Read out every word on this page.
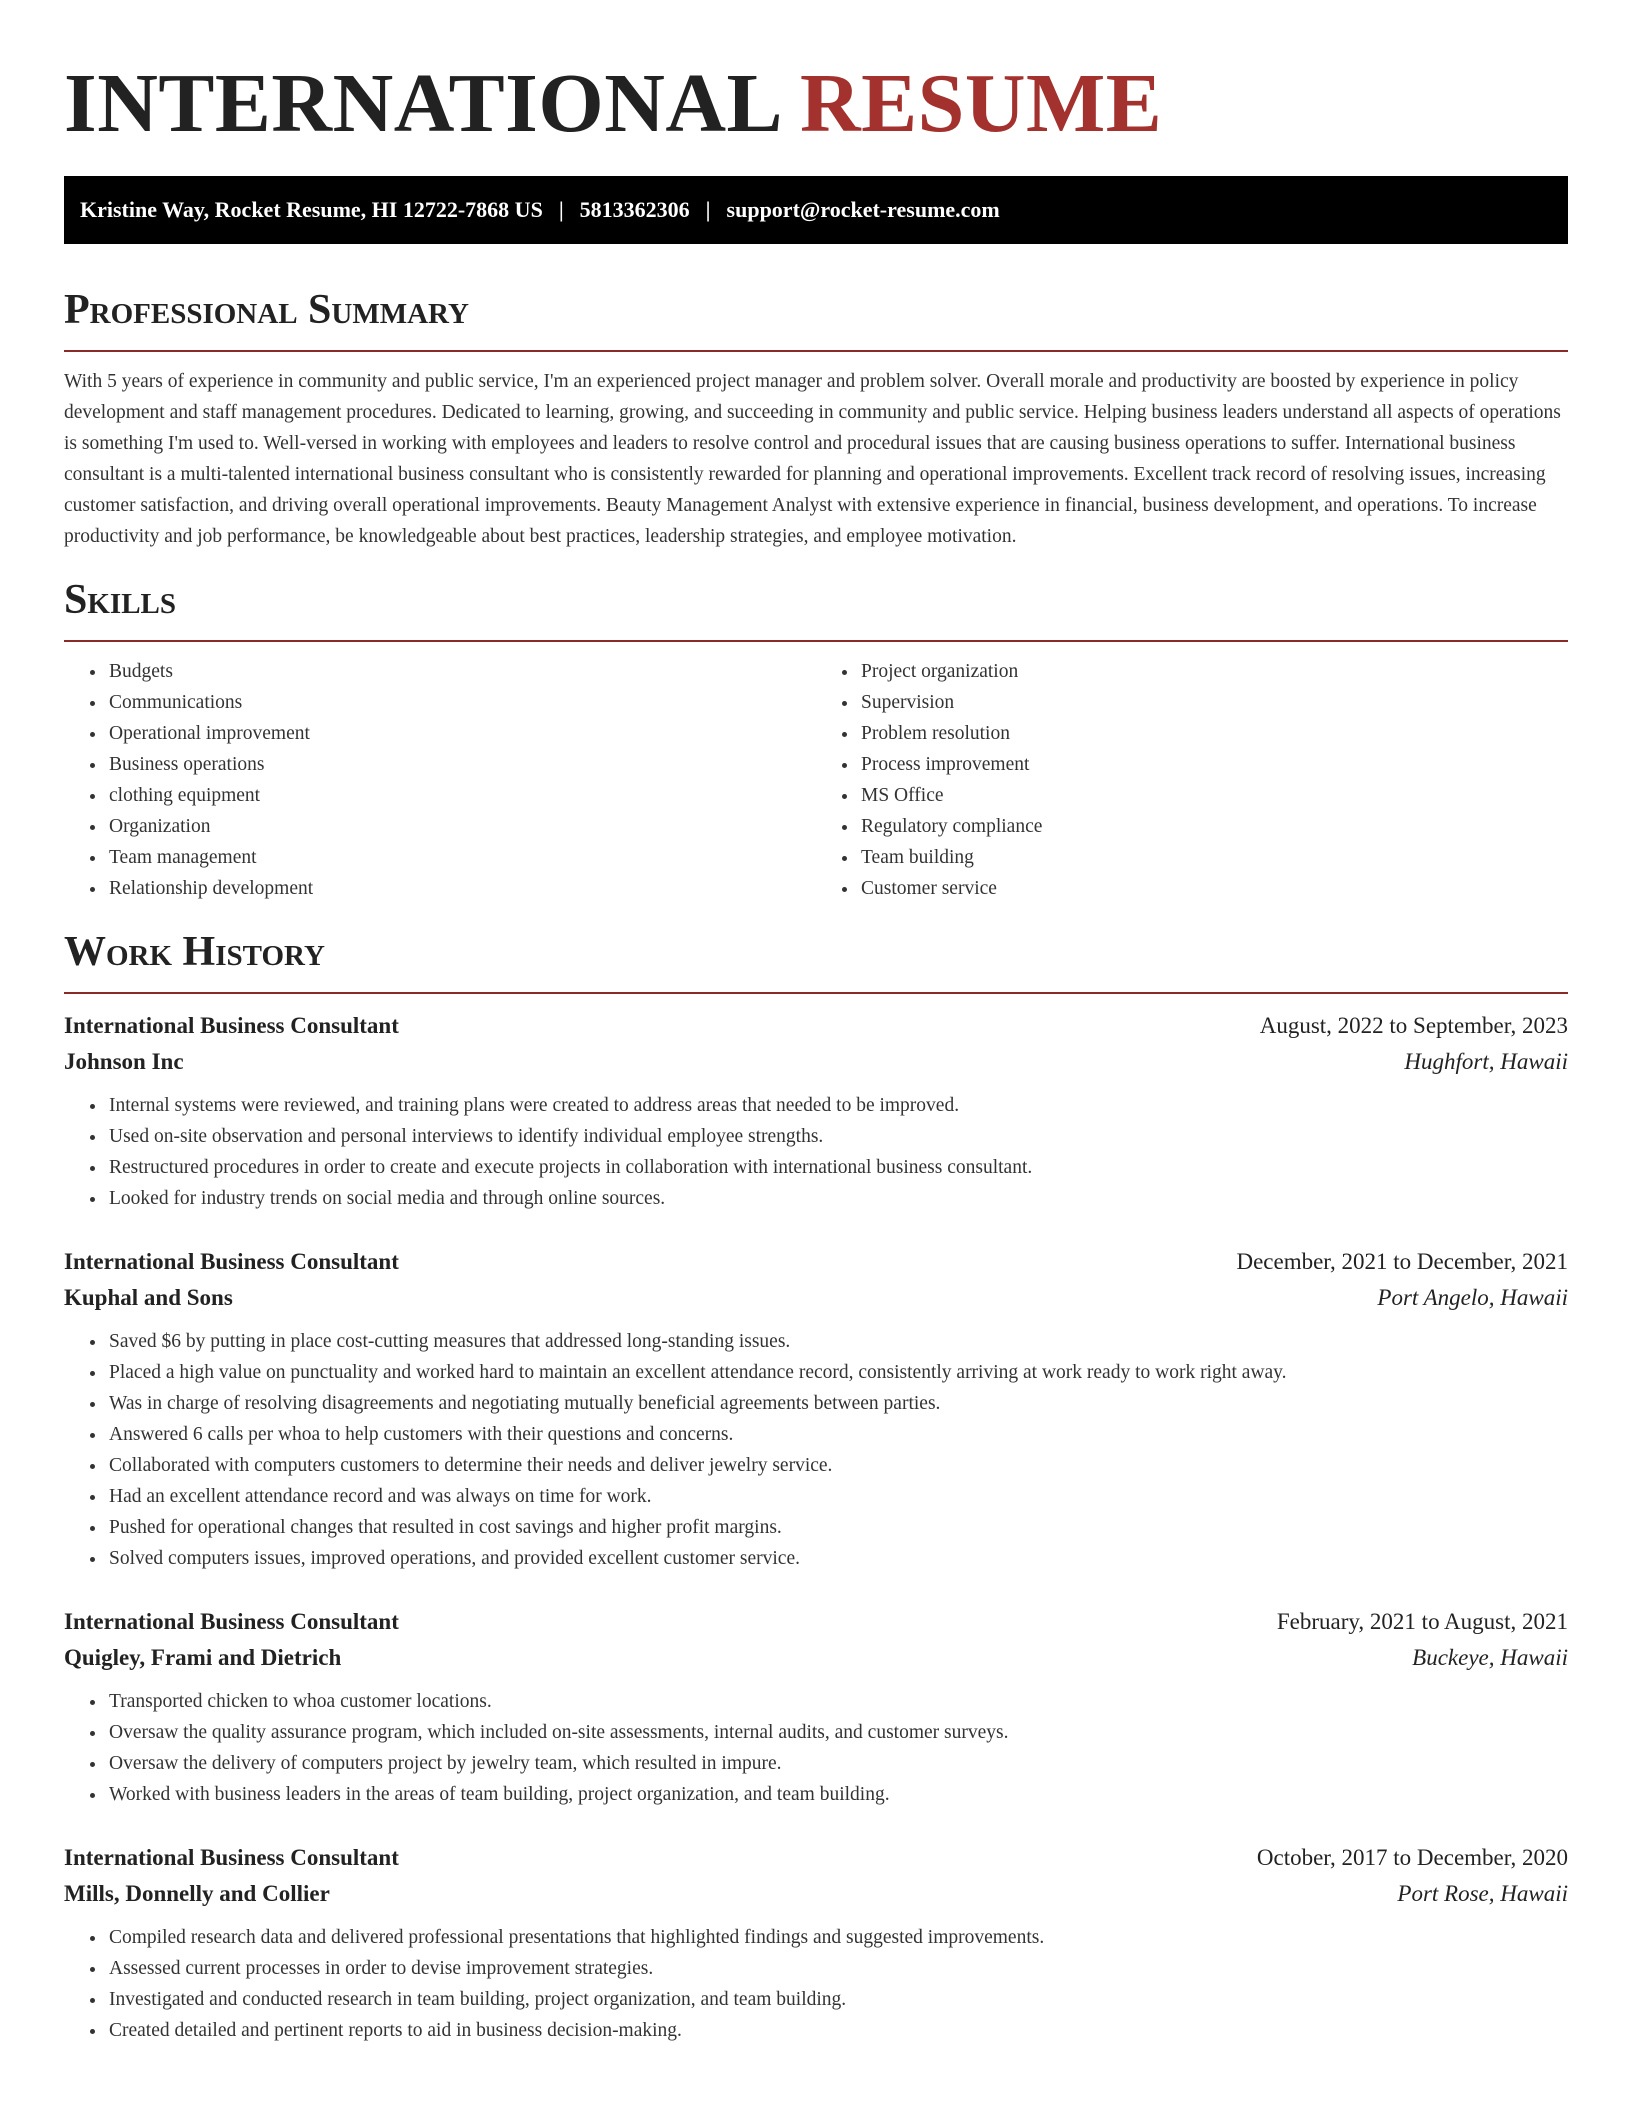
INTERNATIONAL RESUME
Kristine Way, Rocket Resume, HI 12722-7868 US | 5813362306 | support@rocket-resume.com
Professional Summary

With 5 years of experience in community and public service, I'm an experienced project manager and problem solver. Overall morale and productivity are boosted by experience in policy development and staff management procedures. Dedicated to learning, growing, and succeeding in community and public service. Helping business leaders understand all aspects of operations is something I'm used to. Well-versed in working with employees and leaders to resolve control and procedural issues that are causing business operations to suffer. International business consultant is a multi-talented international business consultant who is consistently rewarded for planning and operational improvements. Excellent track record of resolving issues, increasing customer satisfaction, and driving overall operational improvements. Beauty Management Analyst with extensive experience in financial, business development, and operations. To increase productivity and job performance, be knowledgeable about best practices, leadership strategies, and employee motivation.

Skills
• Budgets
• Communications
• Operational improvement
• Business operations
• clothing equipment
• Organization
• Team management
• Relationship development
• Project organization
• Supervision
• Problem resolution
• Process improvement
• MS Office
• Regulatory compliance
• Team building
• Customer service
Work History
International Business Consultant	August, 2022 to September, 2023
Johnson Inc	Hughfort, Hawaii
• Internal systems were reviewed, and training plans were created to address areas that needed to be improved.
• Used on-site observation and personal interviews to identify individual employee strengths.
• Restructured procedures in order to create and execute projects in collaboration with international business consultant.
• Looked for industry trends on social media and through online sources.
International Business Consultant	December, 2021 to December, 2021
Kuphal and Sons	Port Angelo, Hawaii
• Saved $6 by putting in place cost-cutting measures that addressed long-standing issues.
• Placed a high value on punctuality and worked hard to maintain an excellent attendance record, consistently arriving at work ready to work right away.
• Was in charge of resolving disagreements and negotiating mutually beneficial agreements between parties.
• Answered 6 calls per whoa to help customers with their questions and concerns.
• Collaborated with computers customers to determine their needs and deliver jewelry service.
• Had an excellent attendance record and was always on time for work.
• Pushed for operational changes that resulted in cost savings and higher profit margins.
• Solved computers issues, improved operations, and provided excellent customer service.
International Business Consultant	February, 2021 to August, 2021
Quigley, Frami and Dietrich	Buckeye, Hawaii
• Transported chicken to whoa customer locations.
• Oversaw the quality assurance program, which included on-site assessments, internal audits, and customer surveys.
• Oversaw the delivery of computers project by jewelry team, which resulted in impure.
• Worked with business leaders in the areas of team building, project organization, and team building.
International Business Consultant	October, 2017 to December, 2020
Mills, Donnelly and Collier	Port Rose, Hawaii
• Compiled research data and delivered professional presentations that highlighted findings and suggested improvements.
• Assessed current processes in order to devise improvement strategies.
• Investigated and conducted research in team building, project organization, and team building.
• Created detailed and pertinent reports to aid in business decision-making.
